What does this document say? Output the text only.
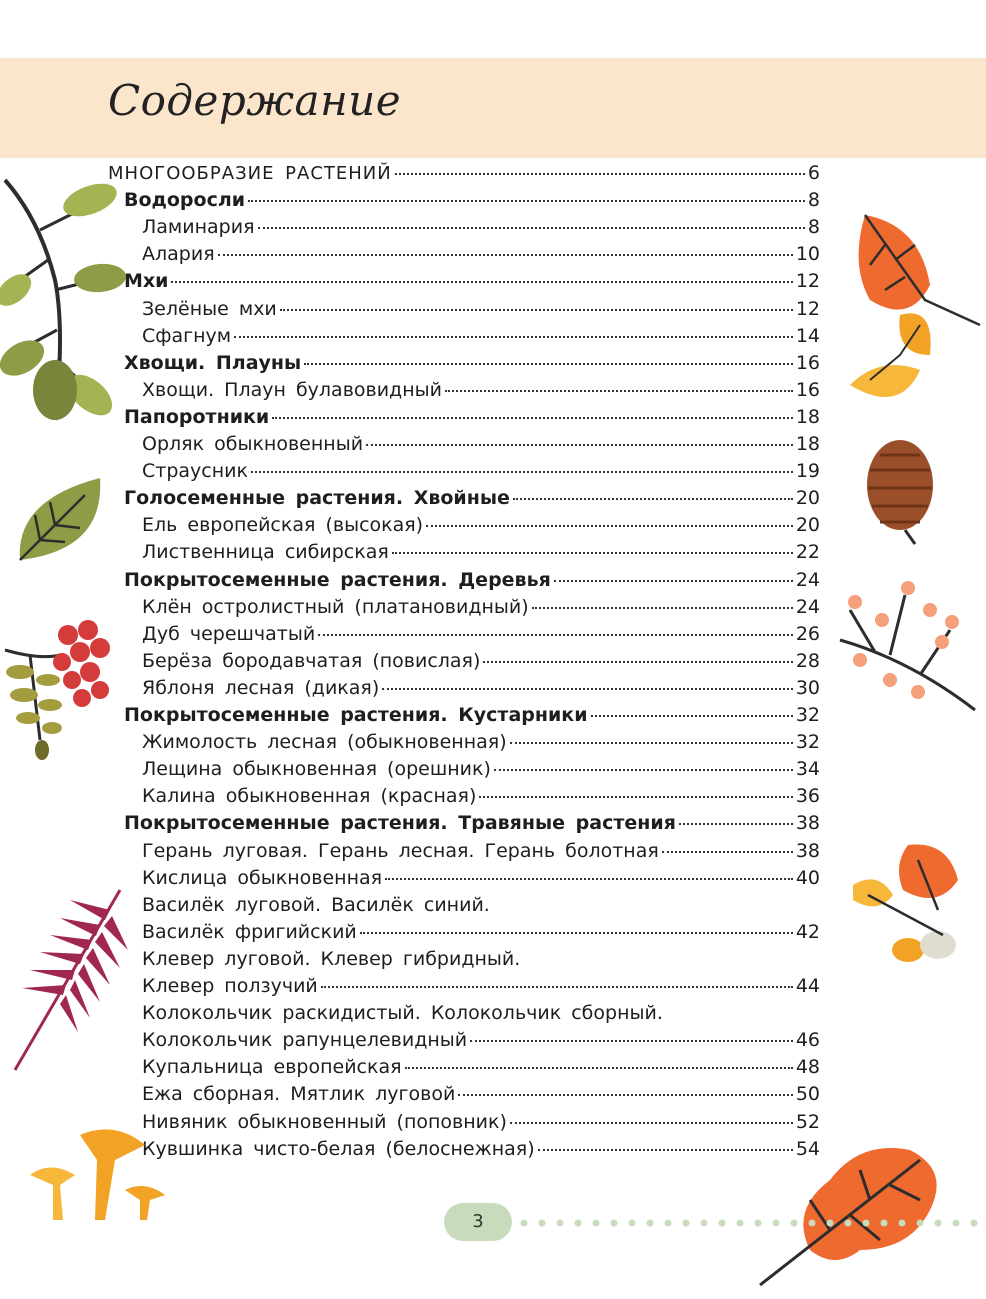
Содержание
МНОГООБРАЗИЕ РАСТЕНИЙ	6
Водоросли	8
Ламинария	8
Алария	10
Мхи	12
Зелёные мхи	12
Сфагнум	14
Хвощи. Плауны	16
Хвощи. Плаун булавовидный	16
Папоротники	18
Орляк обыкновенный	18
Страусник	19
Голосеменные растения. Хвойные	20
Ель европейская (высокая)	20
Лиственница сибирская	22
Покрытосеменные растения. Деревья	24
Клён остролистный (платановидный)	24
Дуб черешчатый	26
Берёза бородавчатая (повислая)	28
Яблоня лесная (дикая)	30
Покрытосеменные растения. Кустарники	32
Жимолость лесная (обыкновенная)	32
Лещина обыкновенная (орешник)	34
Калина обыкновенная (красная)	36
Покрытосеменные растения. Травяные растения	38
Герань луговая. Герань лесная. Герань болотная	38
Кислица обыкновенная	40
Василёк луговой. Василёк синий.
Василёк фригийский	42
Клевер луговой. Клевер гибридный.
Клевер ползучий	44
Колокольчик раскидистый. Колокольчик сборный.
Колокольчик рапунцелевидный	46
Купальница европейская	48
Ежа сборная. Мятлик луговой	50
Нивяник обыкновенный (поповник)	52
Кувшинка чисто-белая (белоснежная)	54
3
